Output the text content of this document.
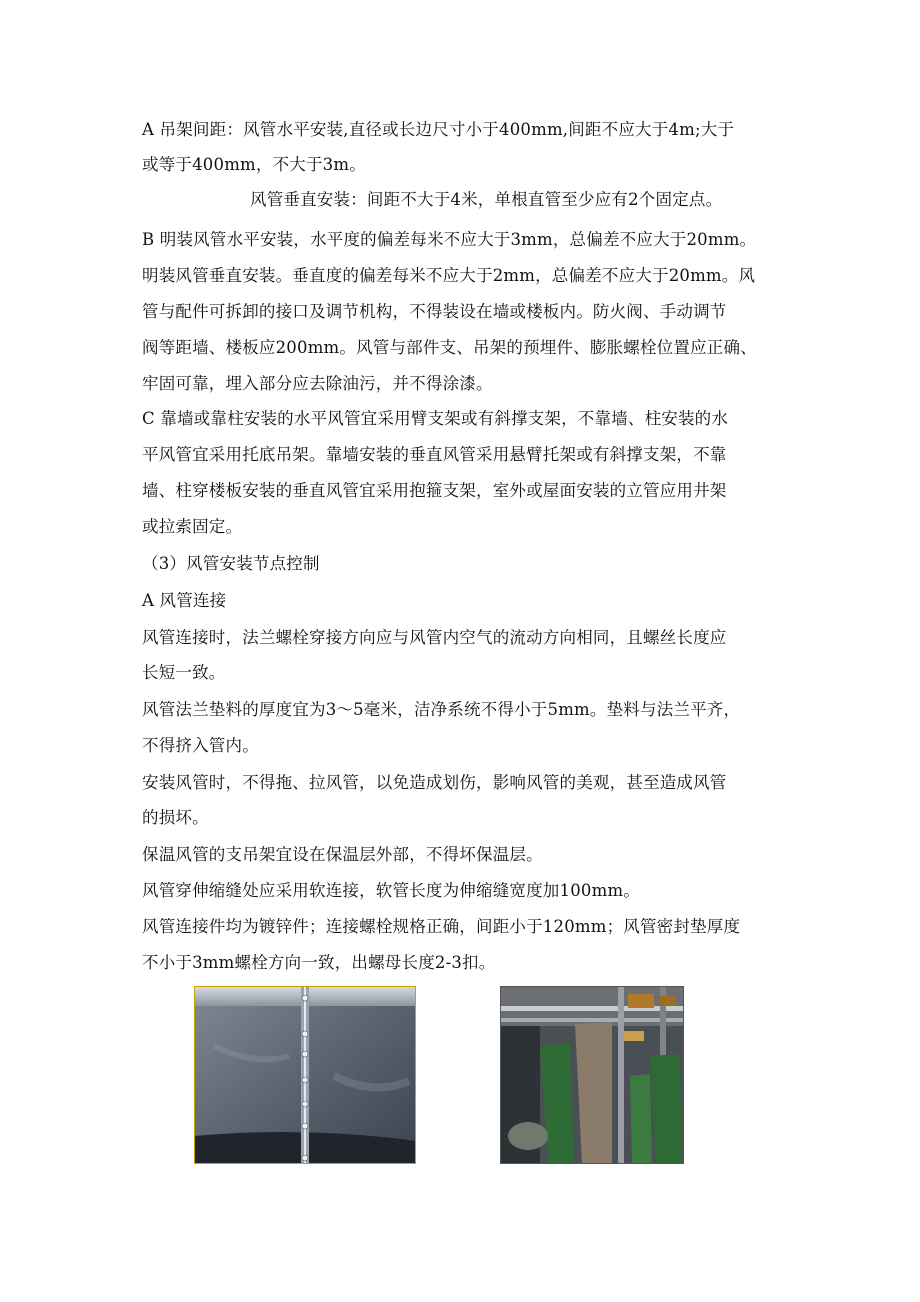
A 吊架间距：风管水平安装,直径或长边尺寸小于400mm,间距不应大于4m;大于
或等于400mm，不大于3m。
风管垂直安装：间距不大于4米，单根直管至少应有2个固定点。
B 明装风管水平安装，水平度的偏差每米不应大于3mm，总偏差不应大于20mm。
明装风管垂直安装。垂直度的偏差每米不应大于2mm，总偏差不应大于20mm。风
管与配件可拆卸的接口及调节机构，不得装设在墙或楼板内。防火阀、手动调节
阀等距墙、楼板应200mm。风管与部件支、吊架的预埋件、膨胀螺栓位置应正确、
牢固可靠，埋入部分应去除油污，并不得涂漆。
C 靠墙或靠柱安装的水平风管宜采用臂支架或有斜撑支架，不靠墙、柱安装的水
平风管宜采用托底吊架。靠墙安装的垂直风管采用悬臂托架或有斜撑支架，不靠
墙、柱穿楼板安装的垂直风管宜采用抱箍支架，室外或屋面安装的立管应用井架
或拉索固定。
（3）风管安装节点控制
A 风管连接
风管连接时，法兰螺栓穿接方向应与风管内空气的流动方向相同，且螺丝长度应
长短一致。
风管法兰垫料的厚度宜为3～5毫米，洁净系统不得小于5mm。垫料与法兰平齐，
不得挤入管内。
安装风管时，不得拖、拉风管，以免造成划伤，影响风管的美观，甚至造成风管
的损坏。
保温风管的支吊架宜设在保温层外部，不得坏保温层。
风管穿伸缩缝处应采用软连接，软管长度为伸缩缝宽度加100mm。
风管连接件均为镀锌件；连接螺栓规格正确，间距小于120mm；风管密封垫厚度
不小于3mm螺栓方向一致，出螺母长度2-3扣。
